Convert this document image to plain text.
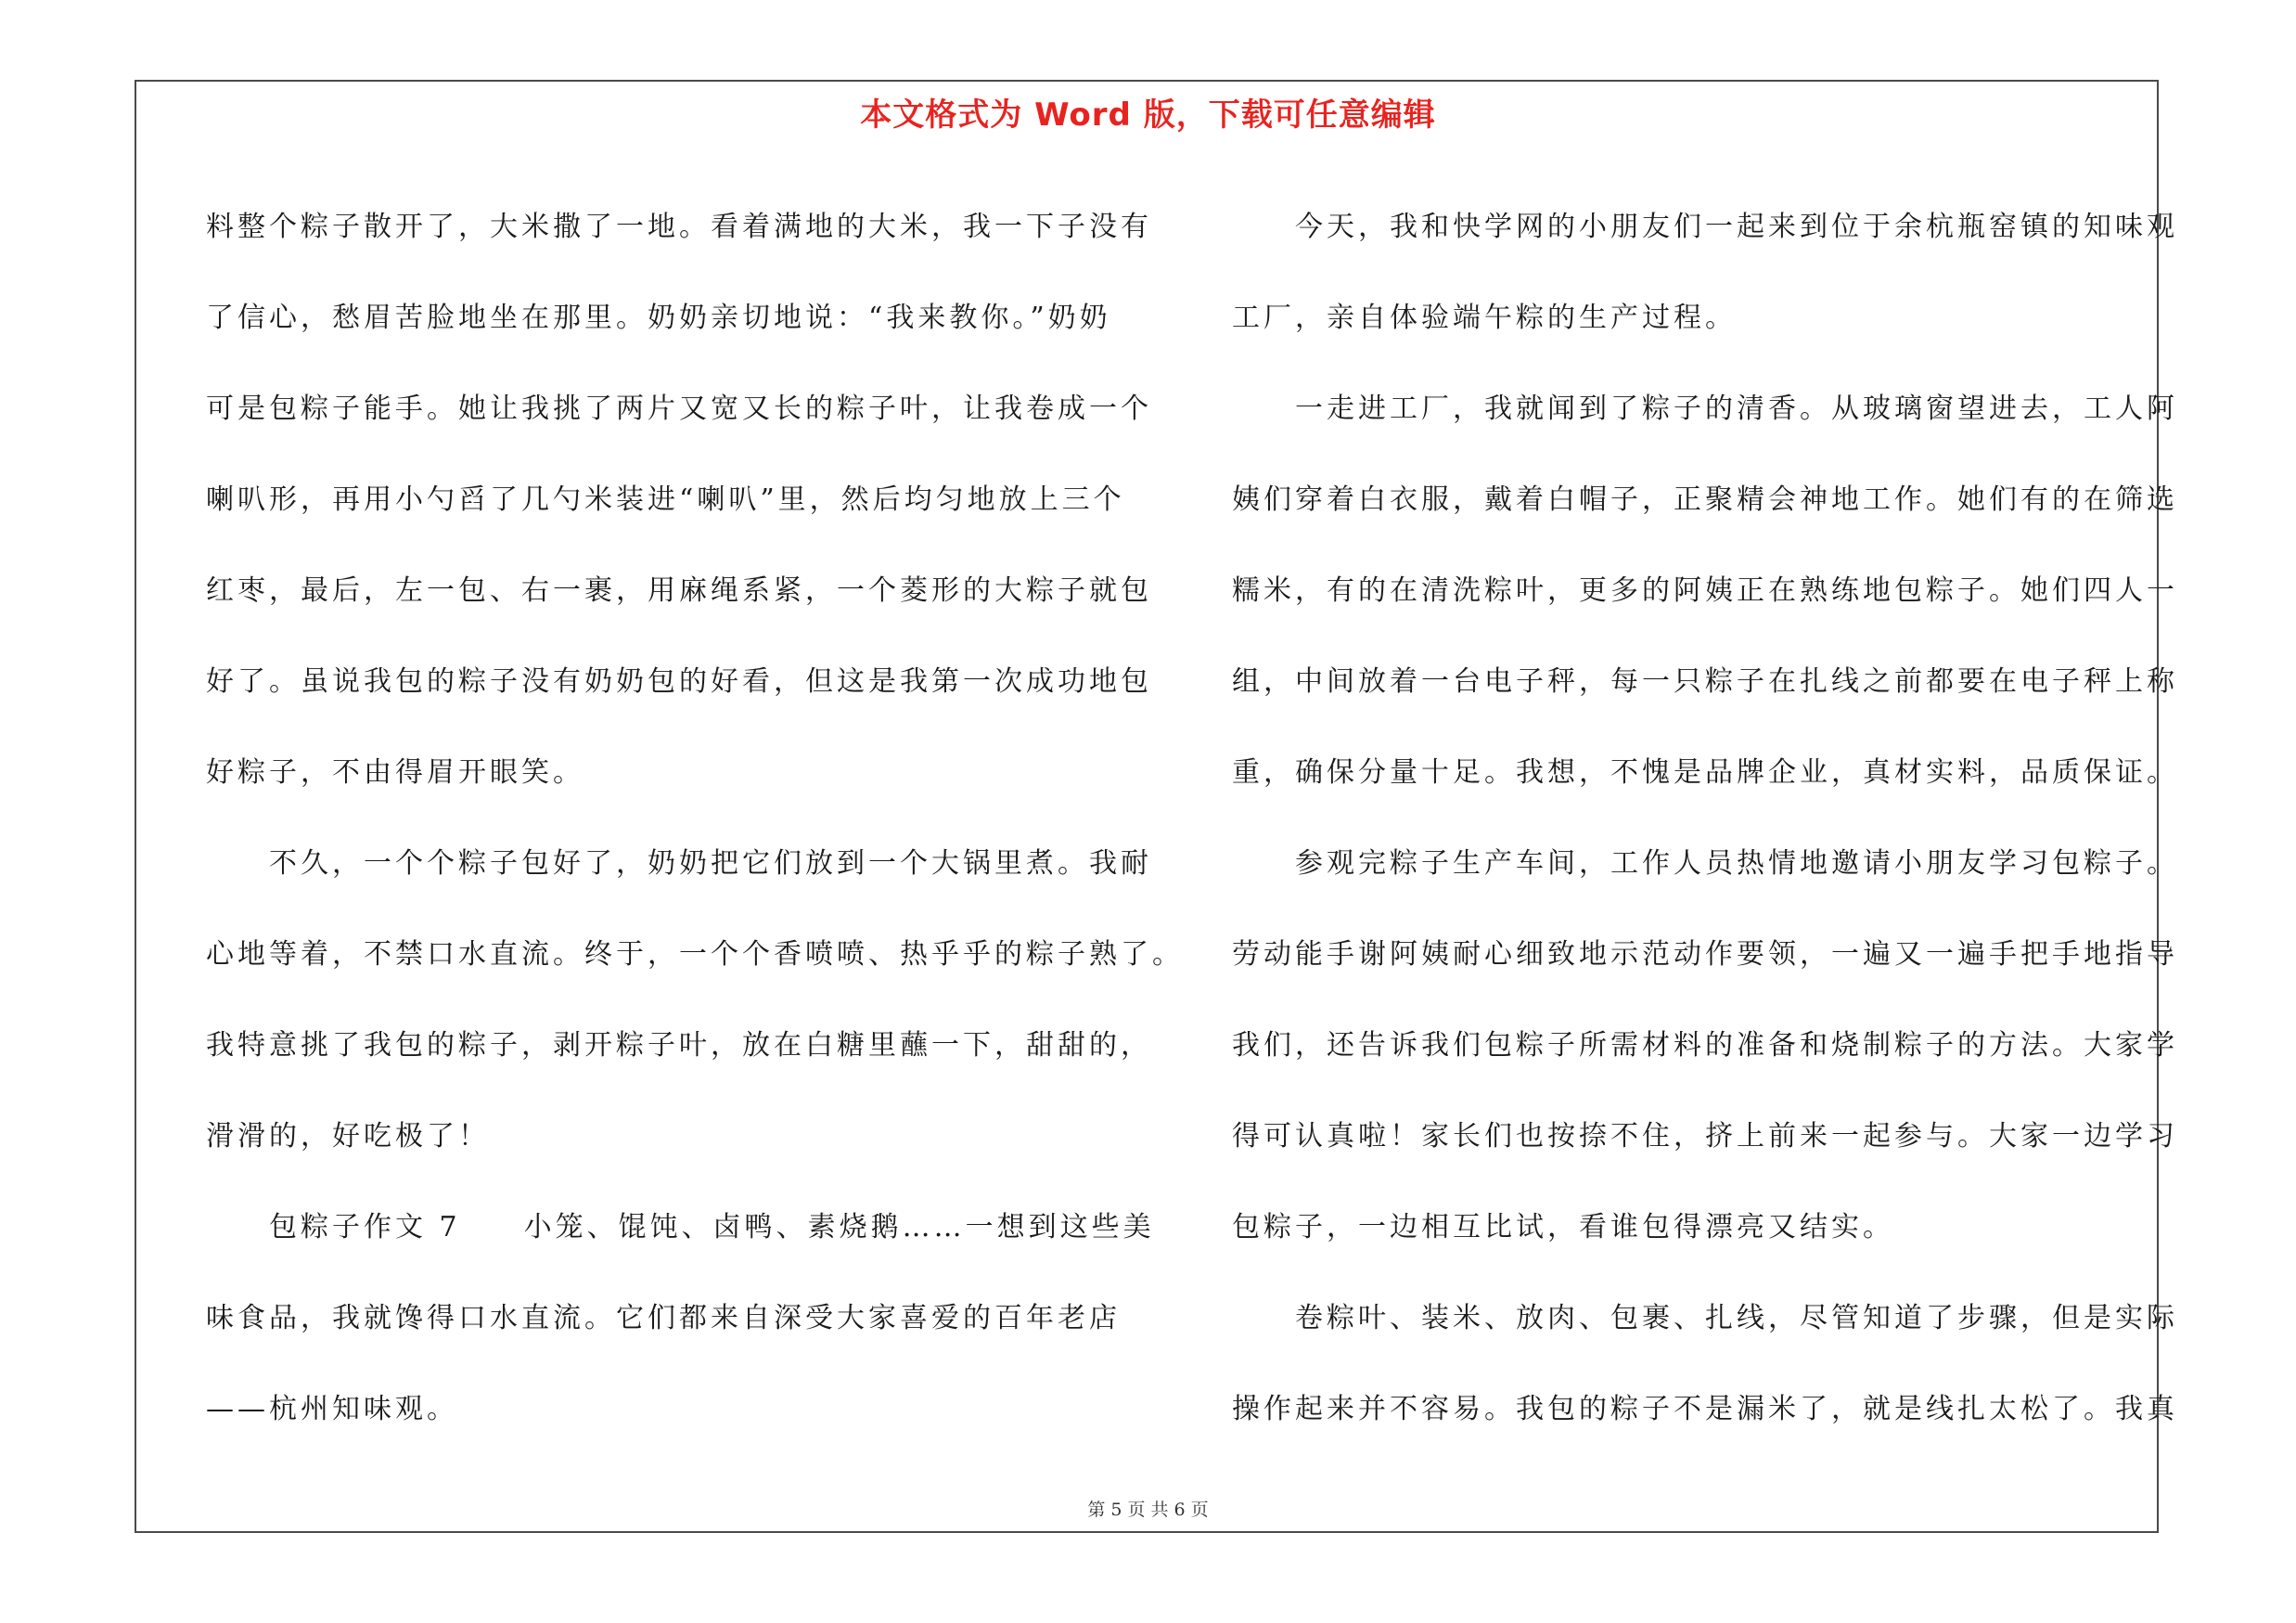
本文格式为 Word 版，下载可任意编辑
料整个粽子散开了，大米撒了一地。看着满地的大米，我一下子没有
了信心，愁眉苦脸地坐在那里。奶奶亲切地说：“我来教你。”奶奶
可是包粽子能手。她让我挑了两片又宽又长的粽子叶，让我卷成一个
喇叭形，再用小勺舀了几勺米装进“喇叭”里，然后均匀地放上三个
红枣，最后，左一包、右一裹，用麻绳系紧，一个菱形的大粽子就包
好了。虽说我包的粽子没有奶奶包的好看，但这是我第一次成功地包
好粽子，不由得眉开眼笑。
　　不久，一个个粽子包好了，奶奶把它们放到一个大锅里煮。我耐
心地等着，不禁口水直流。终于，一个个香喷喷、热乎乎的粽子熟了。
我特意挑了我包的粽子，剥开粽子叶，放在白糖里蘸一下，甜甜的，
滑滑的，好吃极了！
　　包粽子作文 7　　小笼、馄饨、卤鸭、素烧鹅……一想到这些美
味食品，我就馋得口水直流。它们都来自深受大家喜爱的百年老店
——杭州知味观。
　　今天，我和快学网的小朋友们一起来到位于余杭瓶窑镇的知味观
工厂，亲自体验端午粽的生产过程。
　　一走进工厂，我就闻到了粽子的清香。从玻璃窗望进去，工人阿
姨们穿着白衣服，戴着白帽子，正聚精会神地工作。她们有的在筛选
糯米，有的在清洗粽叶，更多的阿姨正在熟练地包粽子。她们四人一
组，中间放着一台电子秤，每一只粽子在扎线之前都要在电子秤上称
重，确保分量十足。我想，不愧是品牌企业，真材实料，品质保证。
　　参观完粽子生产车间，工作人员热情地邀请小朋友学习包粽子。
劳动能手谢阿姨耐心细致地示范动作要领，一遍又一遍手把手地指导
我们，还告诉我们包粽子所需材料的准备和烧制粽子的方法。大家学
得可认真啦！家长们也按捺不住，挤上前来一起参与。大家一边学习
包粽子，一边相互比试，看谁包得漂亮又结实。
　　卷粽叶、装米、放肉、包裹、扎线，尽管知道了步骤，但是实际
操作起来并不容易。我包的粽子不是漏米了，就是线扎太松了。我真
第 5 页 共 6 页
